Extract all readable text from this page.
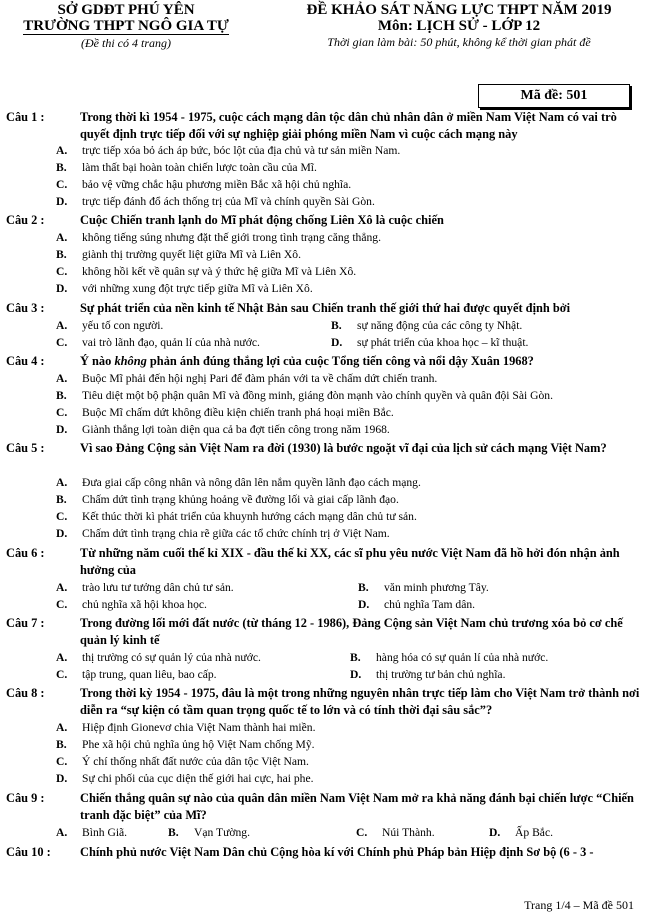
SỞ GDĐT PHÚ YÊN
TRƯỜNG THPT NGÔ GIA TỰ
(Đề thi có 4 trang)
ĐỀ KHẢO SÁT NĂNG LỰC THPT NĂM 2019
Môn: LỊCH SỬ - LỚP 12
Thời gian làm bài: 50 phút, không kể thời gian phát đề
Mã đề: 501
Câu 1 :	Trong thời kì 1954 - 1975, cuộc cách mạng dân tộc dân chủ nhân dân ở miền Nam Việt Nam có vai trò quyết định trực tiếp đối với sự nghiệp giải phóng miền Nam vì cuộc cách mạng này
A. trực tiếp xóa bỏ ách áp bức, bóc lột của địa chủ và tư sản miền Nam.
B. làm thất bại hoàn toàn chiến lược toàn cầu của Mĩ.
C. bảo vệ vững chắc hậu phương miền Bắc xã hội chủ nghĩa.
D. trực tiếp đánh đổ ách thống trị của Mĩ và chính quyền Sài Gòn.
Câu 2 :	Cuộc Chiến tranh lạnh do Mĩ phát động chống Liên Xô là cuộc chiến
A. không tiếng súng nhưng đặt thế giới trong tình trạng căng thẳng.
B. giành thị trường quyết liệt giữa Mĩ và Liên Xô.
C. không hồi kết về quân sự và ý thức hệ giữa Mĩ và Liên Xô.
D. với những xung đột trực tiếp giữa Mĩ và Liên Xô.
Câu 3 :	Sự phát triển của nền kinh tế Nhật Bản sau Chiến tranh thế giới thứ hai được quyết định bởi
A. yếu tố con người.	B. sự năng động của các công ty Nhật.
C. vai trò lãnh đạo, quản lí của nhà nước.	D. sự phát triển của khoa học – kĩ thuật.
Câu 4 :	Ý nào không phản ánh đúng thắng lợi của cuộc Tổng tiến công và nổi dậy Xuân 1968?
A. Buộc Mĩ phải đến hội nghị Pari để đàm phán với ta về chấm dứt chiến tranh.
B. Tiêu diệt một bộ phận quân Mĩ và đồng minh, giáng đòn mạnh vào chính quyền và quân đội Sài Gòn.
C. Buộc Mĩ chấm dứt không điều kiện chiến tranh phá hoại miền Bắc.
D. Giành thắng lợi toàn diện qua cả ba đợt tiến công trong năm 1968.
Câu 5 :	Vì sao Đảng Cộng sản Việt Nam ra đời (1930) là bước ngoặt vĩ đại của lịch sử cách mạng Việt Nam?
A. Đưa giai cấp công nhân và nông dân lên nắm quyền lãnh đạo cách mạng.
B. Chấm dứt tình trạng khủng hoảng về đường lối và giai cấp lãnh đạo.
C. Kết thúc thời kì phát triển của khuynh hướng cách mạng dân chủ tư sản.
D. Chấm dứt tình trạng chia rẽ giữa các tổ chức chính trị ở Việt Nam.
Câu 6 :	Từ những năm cuối thế kỉ XIX - đầu thế kỉ XX, các sĩ phu yêu nước Việt Nam đã hồ hởi đón nhận ảnh hưởng của
A. trào lưu tư tưởng dân chủ tư sản.	B. văn minh phương Tây.
C. chủ nghĩa xã hội khoa học.	D. chủ nghĩa Tam dân.
Câu 7 :	Trong đường lối mới đất nước (từ tháng 12 - 1986), Đảng Cộng sản Việt Nam chủ trương xóa bỏ cơ chế quản lý kinh tế
A. thị trường có sự quản lý của nhà nước.	B. hàng hóa có sự quản lí của nhà nước.
C. tập trung, quan liêu, bao cấp.	D. thị trường tư bản chủ nghĩa.
Câu 8 :	Trong thời kỳ 1954 - 1975, đâu là một trong những nguyên nhân trực tiếp làm cho Việt Nam trở thành nơi diễn ra “sự kiện có tầm quan trọng quốc tế to lớn và có tính thời đại sâu sắc”?
A. Hiệp định Gionevơ chia Việt Nam thành hai miền.
B. Phe xã hội chủ nghĩa ủng hộ Việt Nam chống Mỹ.
C. Ý chí thống nhất đất nước của dân tộc Việt Nam.
D. Sự chi phối của cục diện thế giới hai cực, hai phe.
Câu 9 :	Chiến thắng quân sự nào của quân dân miền Nam Việt Nam mở ra khả năng đánh bại chiến lược “Chiến tranh đặc biệt” của Mĩ?
A. Bình Giã.	B. Vạn Tường.	C. Núi Thành.	D. Ấp Bắc.
Câu 10 : Chính phủ nước Việt Nam Dân chủ Cộng hòa kí với Chính phủ Pháp bản Hiệp định Sơ bộ (6 - 3 -
Trang 1/4 – Mã đề 501
